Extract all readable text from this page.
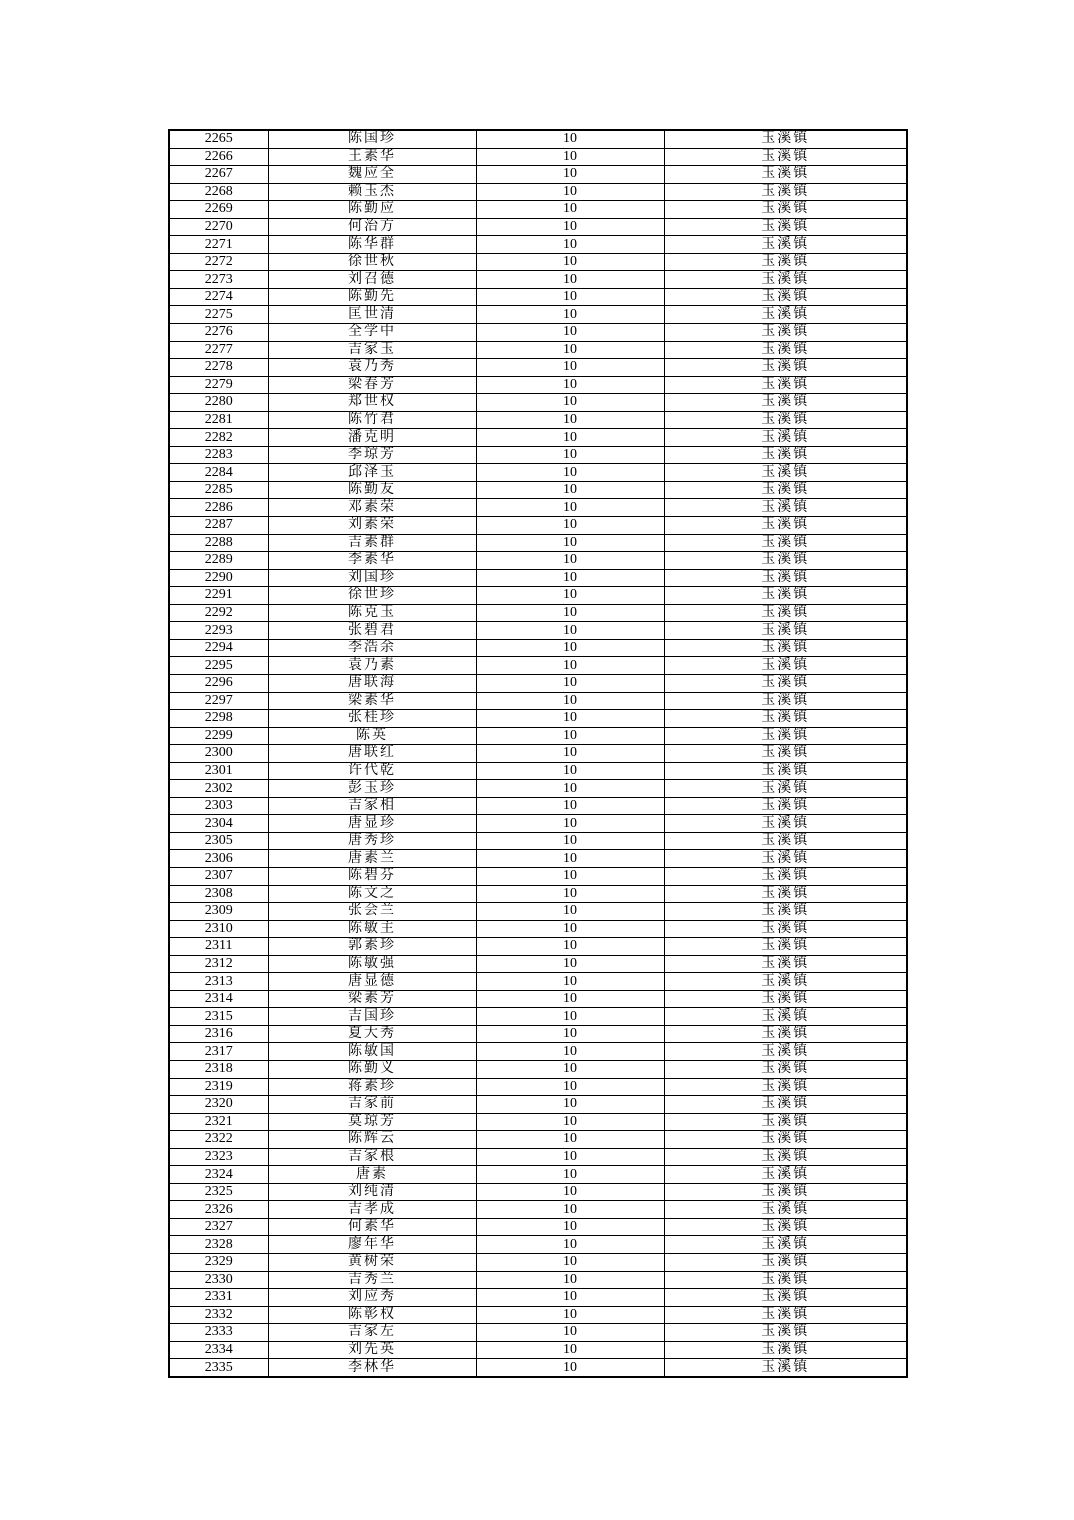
2265	陈国珍	10	玉溪镇
2266	王素华	10	玉溪镇
2267	魏应全	10	玉溪镇
2268	赖玉杰	10	玉溪镇
2269	陈勤应	10	玉溪镇
2270	何治方	10	玉溪镇
2271	陈华群	10	玉溪镇
2272	徐世秋	10	玉溪镇
2273	刘召德	10	玉溪镇
2274	陈勤先	10	玉溪镇
2275	匡世清	10	玉溪镇
2276	全学中	10	玉溪镇
2277	吉家玉	10	玉溪镇
2278	袁乃秀	10	玉溪镇
2279	梁春芳	10	玉溪镇
2280	郑世权	10	玉溪镇
2281	陈竹君	10	玉溪镇
2282	潘克明	10	玉溪镇
2283	李琼芳	10	玉溪镇
2284	邱泽玉	10	玉溪镇
2285	陈勤友	10	玉溪镇
2286	邓素荣	10	玉溪镇
2287	刘素荣	10	玉溪镇
2288	吉素群	10	玉溪镇
2289	李素华	10	玉溪镇
2290	刘国珍	10	玉溪镇
2291	徐世珍	10	玉溪镇
2292	陈克玉	10	玉溪镇
2293	张碧君	10	玉溪镇
2294	李浩余	10	玉溪镇
2295	袁乃素	10	玉溪镇
2296	唐联海	10	玉溪镇
2297	梁素华	10	玉溪镇
2298	张桂珍	10	玉溪镇
2299	陈英	10	玉溪镇
2300	唐联红	10	玉溪镇
2301	许代乾	10	玉溪镇
2302	彭玉珍	10	玉溪镇
2303	吉家相	10	玉溪镇
2304	唐显珍	10	玉溪镇
2305	唐秀珍	10	玉溪镇
2306	唐素兰	10	玉溪镇
2307	陈碧芬	10	玉溪镇
2308	陈文之	10	玉溪镇
2309	张会兰	10	玉溪镇
2310	陈敏主	10	玉溪镇
2311	郭素珍	10	玉溪镇
2312	陈敏强	10	玉溪镇
2313	唐显德	10	玉溪镇
2314	梁素芳	10	玉溪镇
2315	吉国珍	10	玉溪镇
2316	夏大秀	10	玉溪镇
2317	陈敏国	10	玉溪镇
2318	陈勤义	10	玉溪镇
2319	蒋素珍	10	玉溪镇
2320	吉家前	10	玉溪镇
2321	莫琼芳	10	玉溪镇
2322	陈辉云	10	玉溪镇
2323	吉家根	10	玉溪镇
2324	唐素	10	玉溪镇
2325	刘纯清	10	玉溪镇
2326	吉孝成	10	玉溪镇
2327	何素华	10	玉溪镇
2328	廖年华	10	玉溪镇
2329	黄树荣	10	玉溪镇
2330	吉秀兰	10	玉溪镇
2331	刘应秀	10	玉溪镇
2332	陈彰权	10	玉溪镇
2333	吉家左	10	玉溪镇
2334	刘先英	10	玉溪镇
2335	李林华	10	玉溪镇
